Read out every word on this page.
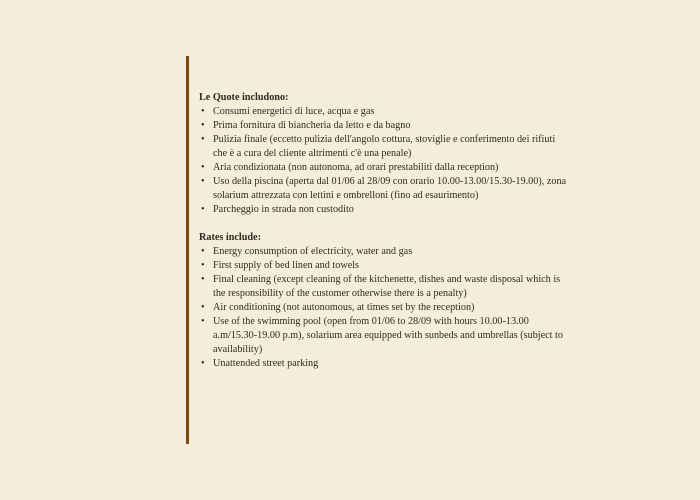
Le Quote includono:

• Consumi energetici di luce, acqua e gas
• Prima fornitura di biancheria da letto e da bagno
• Pulizia finale (eccetto pulizia dell'angolo cottura, stoviglie e conferimento dei rifiuti che è a cura del cliente altrimenti c'è una penale)
• Aria condizionata (non autonoma, ad orari prestabiliti dalla reception)
• Uso della piscina (aperta dal 01/06 al 28/09 con orario 10.00-13.00/15.30-19.00), zona solarium attrezzata con lettini e ombrelloni (fino ad esaurimento)
• Parcheggio in strada non custodito

Rates include:

• Energy consumption of electricity, water and gas
• First supply of bed linen and towels
• Final cleaning (except cleaning of the kitchenette, dishes and waste disposal which is the responsibility of the customer otherwise there is a penalty)
• Air conditioning (not autonomous, at times set by the reception)
• Use of the swimming pool (open from 01/06 to 28/09 with hours 10.00-13.00 a.m/15.30-19.00 p.m), solarium area equipped with sunbeds and umbrellas (subject to availability)
• Unattended street parking
